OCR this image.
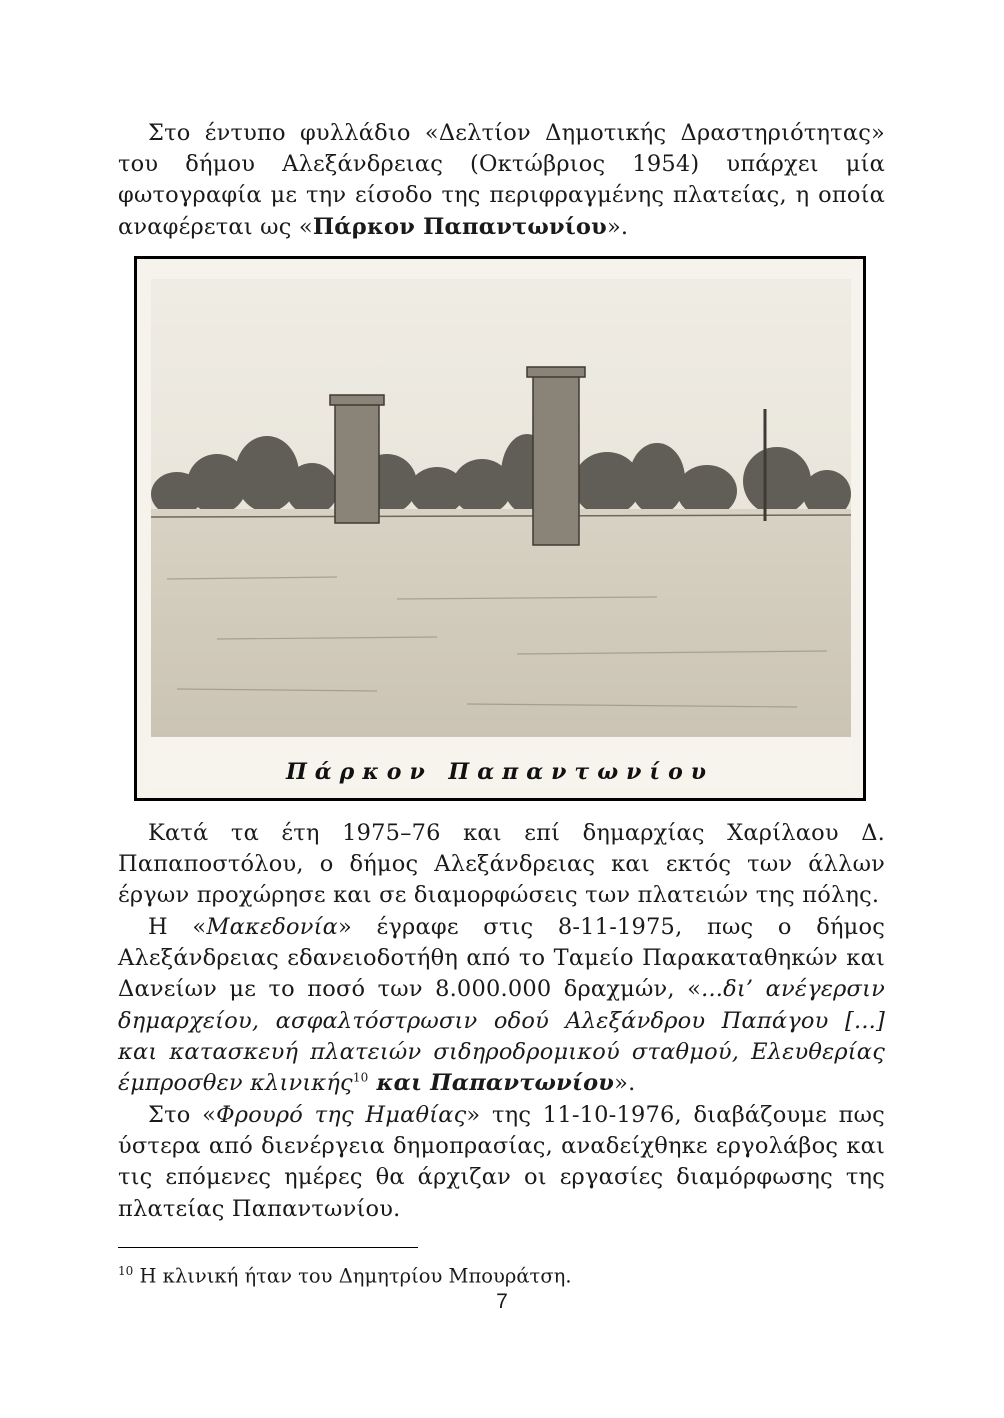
Στο έντυπο φυλλάδιο «Δελτίον Δημοτικής Δραστηριότητας» του δήμου Αλεξάνδρειας (Οκτώβριος 1954) υπάρχει μία φωτογραφία με την είσοδο της περιφραγμένης πλατείας, η οποία αναφέρεται ως «Πάρκον Παπαντωνίου».

Πάρκον Παπαντωνίου

Κατά τα έτη 1975–76 και επί δημαρχίας Χαρίλαου Δ. Παπαποστόλου, ο δήμος Αλεξάνδρειας και εκτός των άλλων έργων προχώρησε και σε διαμορφώσεις των πλατειών της πόλης.

Η «Μακεδονία» έγραφε στις 8-11-1975, πως ο δήμος Αλεξάνδρειας εδανειοδοτήθη από το Ταμείο Παρακαταθηκών και Δανείων με το ποσό των 8.000.000 δραχμών, «...δι’ ανέγερσιν δημαρχείου, ασφαλτόστρωσιν οδού Αλεξάνδρου Παπάγου [...] και κατασκευή πλατειών σιδηροδρομικού σταθμού, Ελευθερίας έμπροσθεν κλινικής$^{10}$ και Παπαντωνίου».

Στο «Φρουρό της Ημαθίας» της 11-10-1976, διαβάζουμε πως ύστερα από διενέργεια δημοπρασίας, αναδείχθηκε εργολάβος και τις επόμενες ημέρες θα άρχιζαν οι εργασίες διαμόρφωσης της πλατείας Παπαντωνίου.

$^{10}$ Η κλινική ήταν του Δημητρίου Μπουράτση.
7
